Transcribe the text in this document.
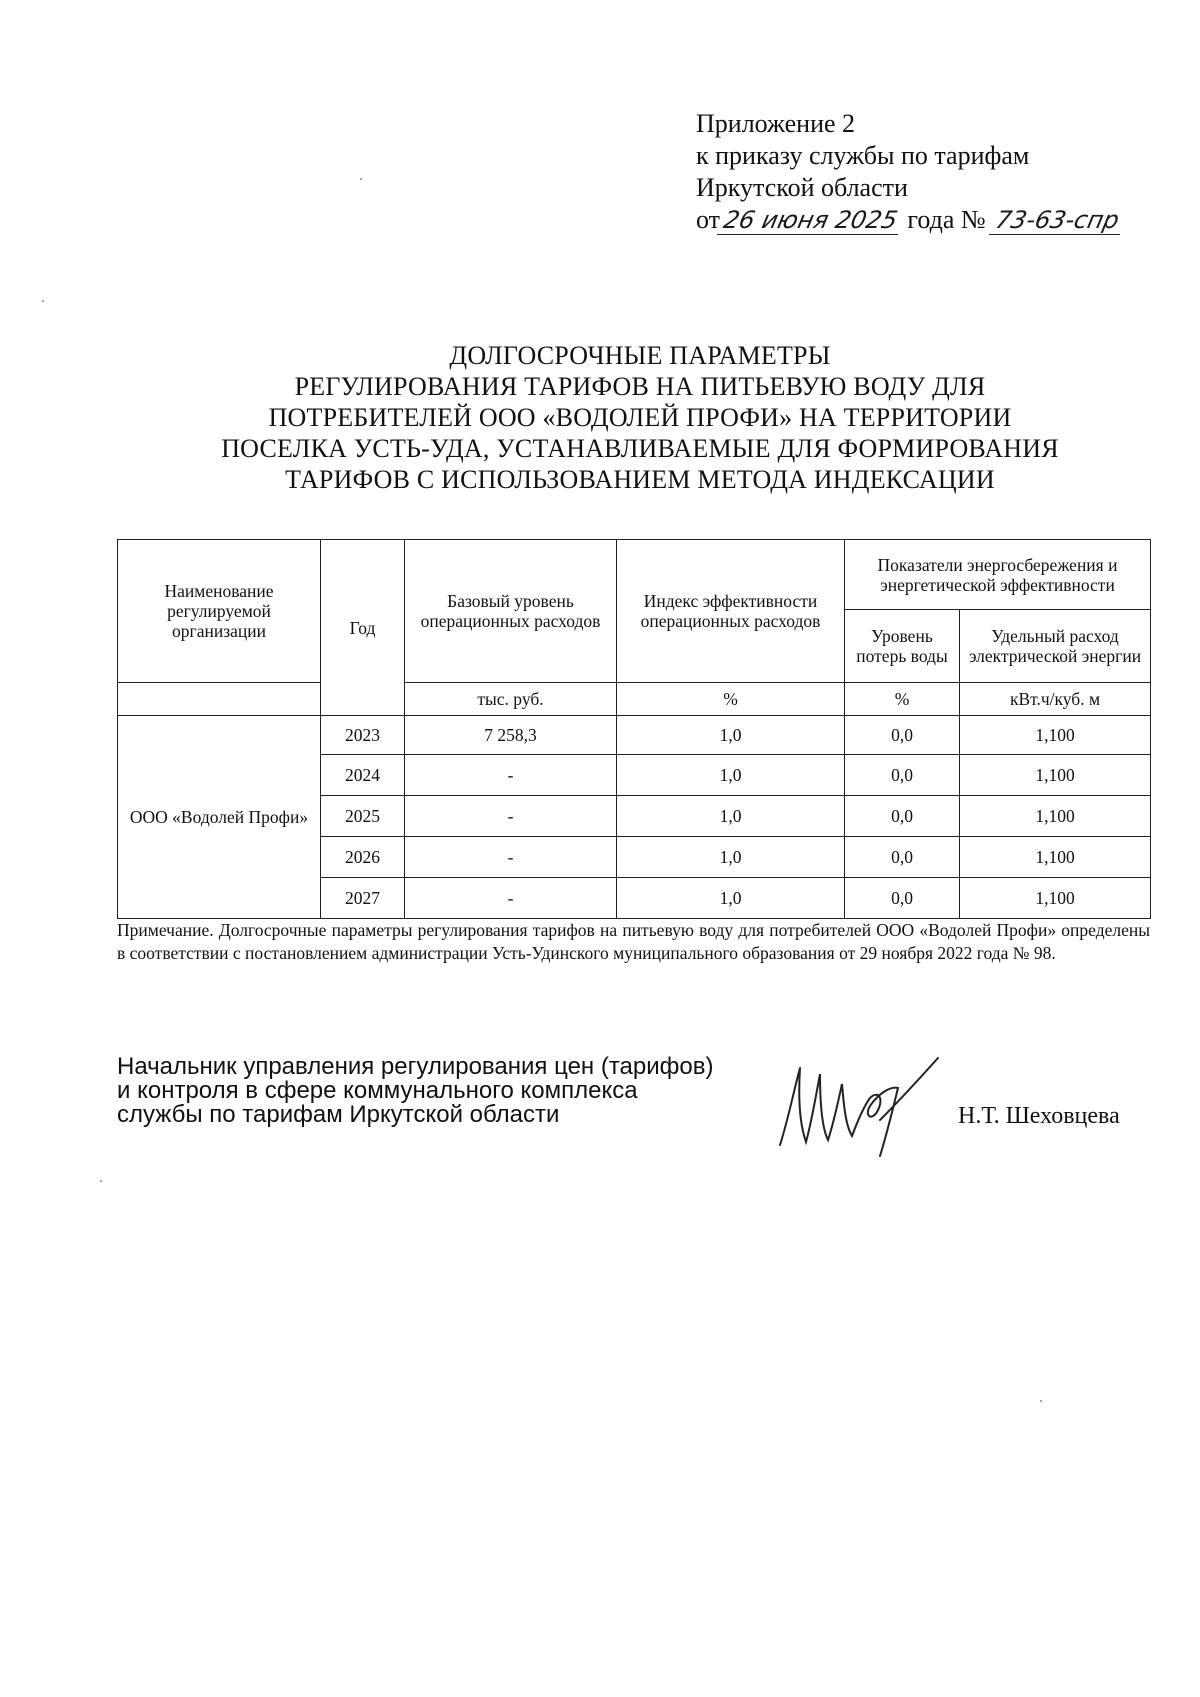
Приложение 2
к приказу службы по тарифам
Иркутской области
от26 июня 2025 года № 73-63-спр
ДОЛГОСРОЧНЫЕ ПАРАМЕТРЫ
РЕГУЛИРОВАНИЯ ТАРИФОВ НА ПИТЬЕВУЮ ВОДУ ДЛЯ
ПОТРЕБИТЕЛЕЙ ООО «ВОДОЛЕЙ ПРОФИ» НА ТЕРРИТОРИИ
ПОСЕЛКА УСТЬ-УДА, УСТАНАВЛИВАЕМЫЕ ДЛЯ ФОРМИРОВАНИЯ
ТАРИФОВ С ИСПОЛЬЗОВАНИЕМ МЕТОДА ИНДЕКСАЦИИ
Наименование регулируемой организации	Год	Базовый уровень операционных расходов	Индекс эффективности операционных расходов	Показатели энергосбережения и энергетической эффективности	
				Уровень потерь воды	Удельный расход электрической энергии
		тыс. руб.	%	%	кВт.ч/куб. м
ООО «Водолей Профи»	2023	7 258,3	1,0	0,0	1,100
	2024	-	1,0	0,0	1,100
	2025	-	1,0	0,0	1,100
	2026	-	1,0	0,0	1,100
	2027	-	1,0	0,0	1,100
Примечание. Долгосрочные параметры регулирования тарифов на питьевую воду для потребителей ООО «Водолей Профи» определены в соответствии с постановлением администрации Усть-Удинского муниципального образования от 29 ноября 2022 года № 98.
Начальник управления регулирования цен (тарифов)
и контроля в сфере коммунального комплекса
службы по тарифам Иркутской области	Н.Т. Шеховцева
